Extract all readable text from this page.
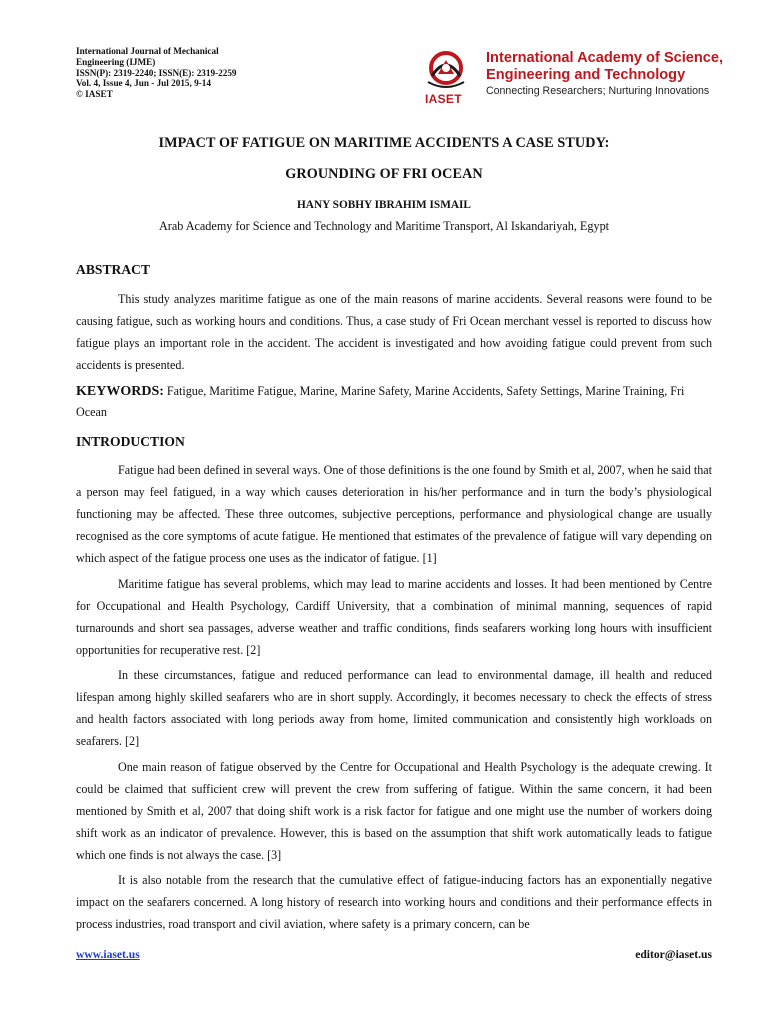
International Journal of Mechanical
Engineering (IJME)
ISSN(P): 2319-2240; ISSN(E): 2319-2259
Vol. 4, Issue 4, Jun - Jul 2015, 9-14
© IASET	IASET
International Academy of Science,
Engineering and Technology
Connecting Researchers; Nurturing Innovations
IMPACT OF FATIGUE ON MARITIME ACCIDENTS A CASE STUDY:
GROUNDING OF FRI OCEAN
HANY SOBHY IBRAHIM ISMAIL
Arab Academy for Science and Technology and Maritime Transport, Al Iskandariyah, Egypt
ABSTRACT

This study analyzes maritime fatigue as one of the main reasons of marine accidents. Several reasons were found to be causing fatigue, such as working hours and conditions. Thus, a case study of Fri Ocean merchant vessel is reported to discuss how fatigue plays an important role in the accident. The accident is investigated and how avoiding fatigue could prevent from such accidents is presented.

KEYWORDS: Fatigue, Maritime Fatigue, Marine, Marine Safety, Marine Accidents, Safety Settings, Marine Training, Fri Ocean

INTRODUCTION

Fatigue had been defined in several ways. One of those definitions is the one found by Smith et al, 2007, when he said that a person may feel fatigued, in a way which causes deterioration in his/her performance and in turn the body’s physiological functioning may be affected. These three outcomes, subjective perceptions, performance and physiological change are usually recognised as the core symptoms of acute fatigue. He mentioned that estimates of the prevalence of fatigue will vary depending on which aspect of the fatigue process one uses as the indicator of fatigue. [1]

Maritime fatigue has several problems, which may lead to marine accidents and losses. It had been mentioned by Centre for Occupational and Health Psychology, Cardiff University, that a combination of minimal manning, sequences of rapid turnarounds and short sea passages, adverse weather and traffic conditions, finds seafarers working long hours with insufficient opportunities for recuperative rest. [2]

In these circumstances, fatigue and reduced performance can lead to environmental damage, ill health and reduced lifespan among highly skilled seafarers who are in short supply. Accordingly, it becomes necessary to check the effects of stress and health factors associated with long periods away from home, limited communication and consistently high workloads on seafarers. [2]

One main reason of fatigue observed by the Centre for Occupational and Health Psychology is the adequate crewing. It could be claimed that sufficient crew will prevent the crew from suffering of fatigue. Within the same concern, it had been mentioned by Smith et al, 2007 that doing shift work is a risk factor for fatigue and one might use the number of workers doing shift work as an indicator of prevalence. However, this is based on the assumption that shift work automatically leads to fatigue which one finds is not always the case. [3]

It is also notable from the research that the cumulative effect of fatigue-inducing factors has an exponentially negative impact on the seafarers concerned. A long history of research into working hours and conditions and their performance effects in process industries, road transport and civil aviation, where safety is a primary concern, can be

www.iaset.us	editor@iaset.us
